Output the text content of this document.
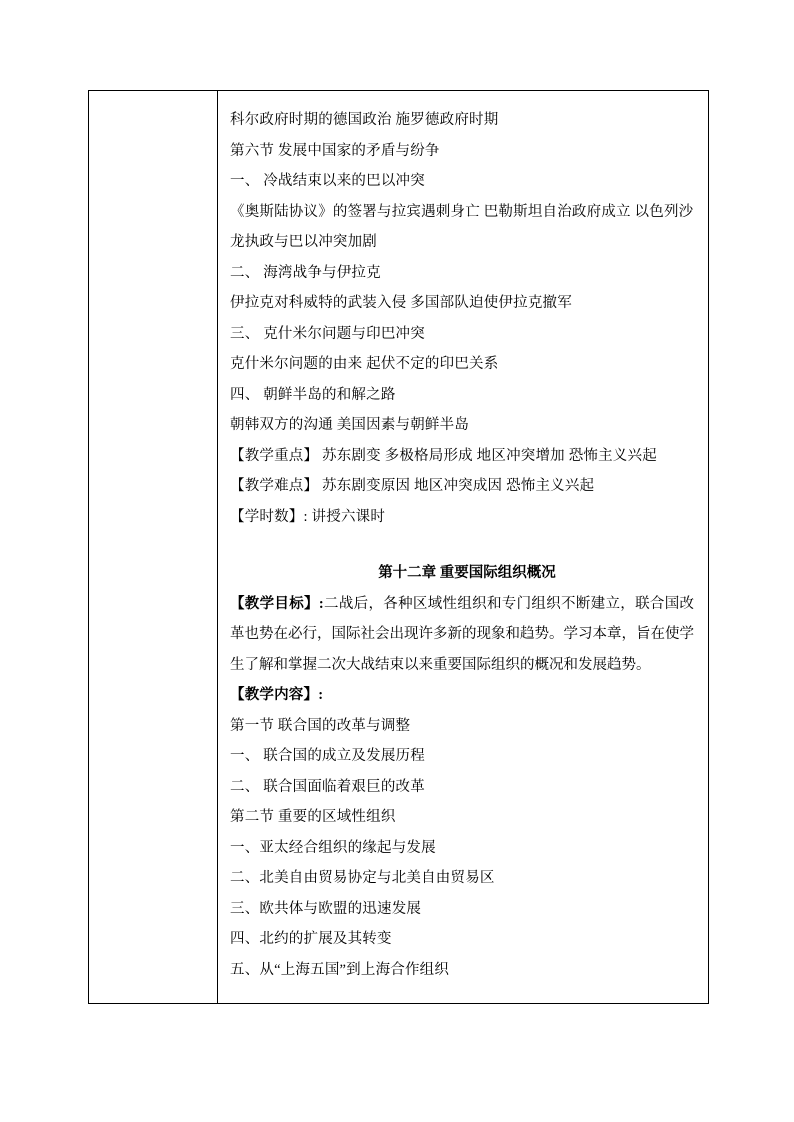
科尔政府时期的德国政治 施罗德政府时期
第六节 发展中国家的矛盾与纷争
一、 冷战结束以来的巴以冲突
《奥斯陆协议》的签署与拉宾遇刺身亡 巴勒斯坦自治政府成立 以色列沙龙执政与巴以冲突加剧
二、 海湾战争与伊拉克
伊拉克对科威特的武装入侵 多国部队迫使伊拉克撤军
三、 克什米尔问题与印巴冲突
克什米尔问题的由来 起伏不定的印巴关系
四、 朝鲜半岛的和解之路
朝韩双方的沟通 美国因素与朝鲜半岛
【教学重点】 苏东剧变 多极格局形成 地区冲突增加 恐怖主义兴起
【教学难点】 苏东剧变原因 地区冲突成因 恐怖主义兴起
【学时数】: 讲授六课时
第十二章 重要国际组织概况
【教学目标】:二战后，各种区域性组织和专门组织不断建立，联合国改革也势在必行，国际社会出现许多新的现象和趋势。学习本章，旨在使学生了解和掌握二次大战结束以来重要国际组织的概况和发展趋势。
【教学内容】:
第一节 联合国的改革与调整
一、 联合国的成立及发展历程
二、 联合国面临着艰巨的改革
第二节 重要的区域性组织
一、亚太经合组织的缘起与发展
二、北美自由贸易协定与北美自由贸易区
三、欧共体与欧盟的迅速发展
四、北约的扩展及其转变
五、从“上海五国”到上海合作组织
